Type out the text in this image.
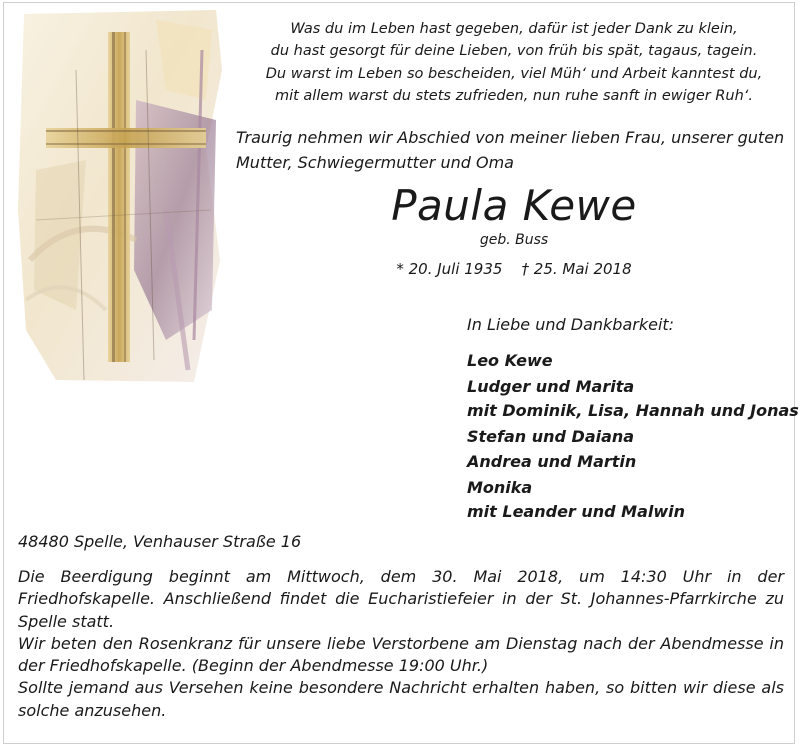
Was du im Leben hast gegeben, dafür ist jeder Dank zu klein,
du hast gesorgt für deine Lieben, von früh bis spät, tagaus, tagein.
Du warst im Leben so bescheiden, viel Müh‘ und Arbeit kanntest du,
mit allem warst du stets zufrieden, nun ruhe sanft in ewiger Ruh‘.
Traurig nehmen wir Abschied von meiner lieben Frau, unserer guten
Mutter, Schwiegermutter und Oma
Paula Kewe
geb. Buss
* 20. Juli 1935    † 25. Mai 2018
In Liebe und Dankbarkeit:
Leo Kewe
Ludger und Marita
mit Dominik, Lisa, Hannah und Jonas
Stefan und Daiana
Andrea und Martin
Monika
mit Leander und Malwin
48480 Spelle, Venhauser Straße 16

Die Beerdigung beginnt am Mittwoch, dem 30. Mai 2018, um 14:30 Uhr in der Friedhofskapelle. Anschließend findet die Eucharistiefeier in der St. Johannes-Pfarrkirche zu Spelle statt.

Wir beten den Rosenkranz für unsere liebe Verstorbene am Dienstag nach der Abendmesse in der Friedhofskapelle. (Beginn der Abendmesse 19:00 Uhr.)

Sollte jemand aus Versehen keine besondere Nachricht erhalten haben, so bitten wir diese als solche anzusehen.
